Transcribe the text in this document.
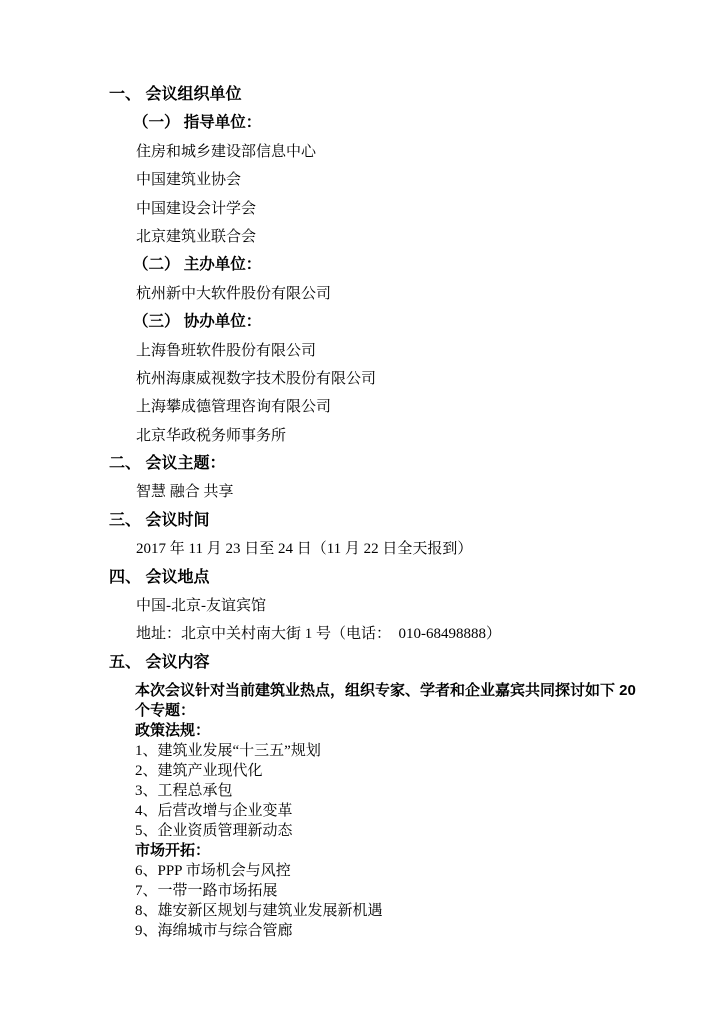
一、 会议组织单位
（一） 指导单位：
住房和城乡建设部信息中心
中国建筑业协会
中国建设会计学会
北京建筑业联合会
（二） 主办单位：
杭州新中大软件股份有限公司
（三） 协办单位：
上海鲁班软件股份有限公司
杭州海康威视数字技术股份有限公司
上海攀成德管理咨询有限公司
北京华政税务师事务所
二、 会议主题：
智慧 融合 共享
三、 会议时间
2017 年 11 月 23 日至 24 日（11 月 22 日全天报到）
四、 会议地点
中国-北京-友谊宾馆
地址：北京中关村南大街 1 号（电话：  010-68498888）
五、 会议内容
本次会议针对当前建筑业热点，组织专家、学者和企业嘉宾共同探讨如下 20
个专题：
政策法规：
1、建筑业发展“十三五”规划
2、建筑产业现代化
3、工程总承包
4、后营改增与企业变革
5、企业资质管理新动态
市场开拓：
6、PPP 市场机会与风控
7、一带一路市场拓展
8、雄安新区规划与建筑业发展新机遇
9、海绵城市与综合管廊
